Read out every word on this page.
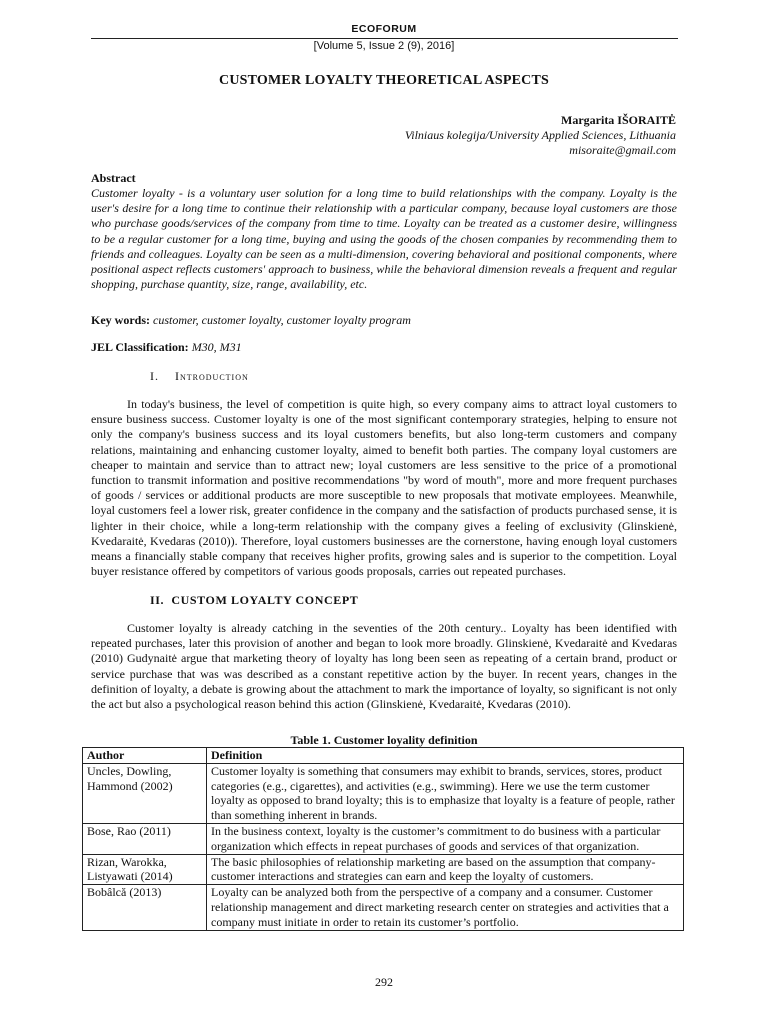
ECOFORUM
[Volume 5, Issue 2 (9), 2016]
CUSTOMER LOYALTY THEORETICAL ASPECTS
Margarita IŠORAITĖ
Vilniaus kolegija/University Applied Sciences, Lithuania
misoraite@gmail.com
Abstract
Customer loyalty - is a voluntary user solution for a long time to build relationships with the company. Loyalty is the user's desire for a long time to continue their relationship with a particular company, because loyal customers are those who purchase goods/services of the company from time to time. Loyalty can be treated as a customer desire, willingness to be a regular customer for a long time, buying and using the goods of the chosen companies by recommending them to friends and colleagues. Loyalty can be seen as a multi-dimension, covering behavioral and positional components, where positional aspect reflects customers' approach to business, while the behavioral dimension reveals a frequent and regular shopping, purchase quantity, size, range, availability, etc.
Key words: customer, customer loyalty, customer loyalty program
JEL Classification: M30, M31
I. Introduction
In today's business, the level of competition is quite high, so every company aims to attract loyal customers to ensure business success. Customer loyalty is one of the most significant contemporary strategies, helping to ensure not only the company's business success and its loyal customers benefits, but also long-term customers and company relations, maintaining and enhancing customer loyalty, aimed to benefit both parties. The company loyal customers are cheaper to maintain and service than to attract new; loyal customers are less sensitive to the price of a promotional function to transmit information and positive recommendations "by word of mouth", more and more frequent purchases of goods / services or additional products are more susceptible to new proposals that motivate employees. Meanwhile, loyal customers feel a lower risk, greater confidence in the company and the satisfaction of products purchased sense, it is lighter in their choice, while a long-term relationship with the company gives a feeling of exclusivity (Glinskienė, Kvedaraitė, Kvedaras (2010)). Therefore, loyal customers businesses are the cornerstone, having enough loyal customers means a financially stable company that receives higher profits, growing sales and is superior to the competition. Loyal buyer resistance offered by competitors of various goods proposals, carries out repeated purchases.
II. CUSTOM LOYALTY CONCEPT
Customer loyalty is already catching in the seventies of the 20th century.. Loyalty has been identified with repeated purchases, later this provision of another and began to look more broadly. Glinskienė, Kvedaraitė and Kvedaras (2010) Gudynaitė argue that marketing theory of loyalty has long been seen as repeating of a certain brand, product or service purchase that was was described as a constant repetitive action by the buyer. In recent years, changes in the definition of loyalty, a debate is growing about the attachment to mark the importance of loyalty, so significant is not only the act but also a psychological reason behind this action (Glinskienė, Kvedaraitė, Kvedaras (2010).
Table 1. Customer loyality definition
Author	Definition
Uncles, Dowling, Hammond (2002)	Customer loyalty is something that consumers may exhibit to brands, services, stores, product categories (e.g., cigarettes), and activities (e.g., swimming). Here we use the term customer loyalty as opposed to brand loyalty; this is to emphasize that loyalty is a feature of people, rather than something inherent in brands.
Bose, Rao (2011)	In the business context, loyalty is the customer’s commitment to do business with a particular organization which effects in repeat purchases of goods and services of that organization.
Rizan, Warokka, Listyawati (2014)	The basic philosophies of relationship marketing are based on the assumption that company-customer interactions and strategies can earn and keep the loyalty of customers.
Bobâlcă (2013)	Loyalty can be analyzed both from the perspective of a company and a consumer. Customer relationship management and direct marketing research center on strategies and activities that a company must initiate in order to retain its customer’s portfolio.
292
